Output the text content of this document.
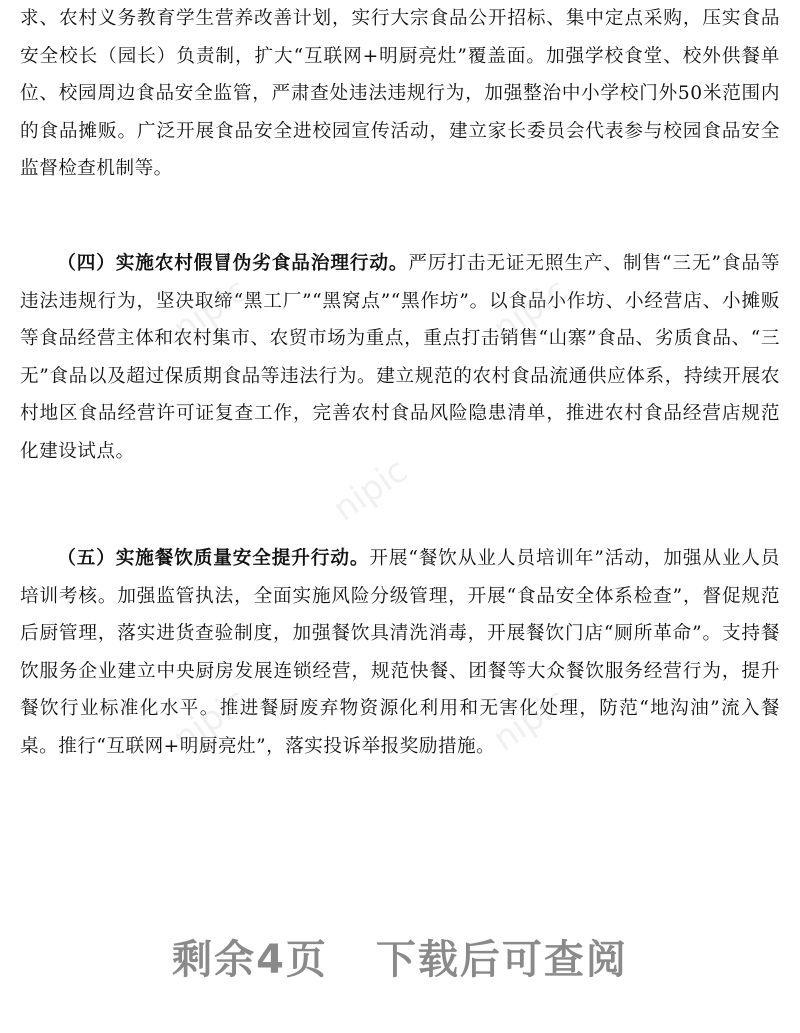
求、农村义务教育学生营养改善计划，实行大宗食品公开招标、集中定点采购，压实食品安全校长（园长）负责制，扩大“互联网+明厨亮灶”覆盖面。加强学校食堂、校外供餐单位、校园周边食品安全监管，严肃查处违法违规行为，加强整治中小学校门外50米范围内的食品摊贩。广泛开展食品安全进校园宣传活动，建立家长委员会代表参与校园食品安全监督检查机制等。

（四）实施农村假冒伪劣食品治理行动。严厉打击无证无照生产、制售“三无”食品等违法违规行为，坚决取缔“黑工厂”“黑窝点”“黑作坊”。以食品小作坊、小经营店、小摊贩等食品经营主体和农村集市、农贸市场为重点，重点打击销售“山寨”食品、劣质食品、“三无”食品以及超过保质期食品等违法行为。建立规范的农村食品流通供应体系，持续开展农村地区食品经营许可证复查工作，完善农村食品风险隐患清单，推进农村食品经营店规范化建设试点。

（五）实施餐饮质量安全提升行动。开展“餐饮从业人员培训年”活动，加强从业人员培训考核。加强监管执法，全面实施风险分级管理，开展“食品安全体系检查”，督促规范后厨管理，落实进货查验制度，加强餐饮具清洗消毒，开展餐饮门店“厕所革命”。支持餐饮服务企业建立中央厨房发展连锁经营，规范快餐、团餐等大众餐饮服务经营行为，提升餐饮行业标准化水平。推进餐厨废弃物资源化利用和无害化处理，防范“地沟油”流入餐桌。推行“互联网+明厨亮灶”，落实投诉举报奖励措施。

nipic	nipic
nipic
nipic	nipic
剩余4页 下载后可查阅
